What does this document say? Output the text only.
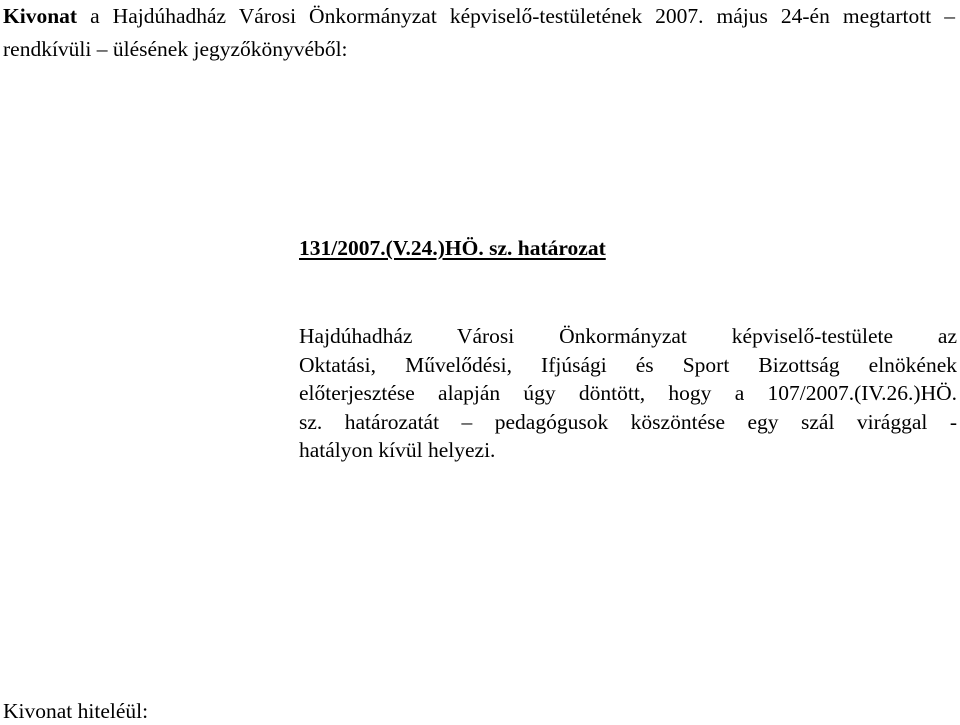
Kivonat a Hajdúhadház Városi Önkormányzat képviselő-testületének 2007. május 24-én megtartott – rendkívüli – ülésének jegyzőkönyvéből:
131/2007.(V.24.)HÖ. sz. határozat
Hajdúhadház Városi Önkormányzat képviselő-testülete az
Oktatási, Művelődési, Ifjúsági és Sport Bizottság elnökének
előterjesztése alapján úgy döntött, hogy a 107/2007.(IV.26.)HÖ.
sz. határozatát – pedagógusok köszöntése egy szál virággal -
hatályon kívül helyezi.
Kivonat hiteléül:
